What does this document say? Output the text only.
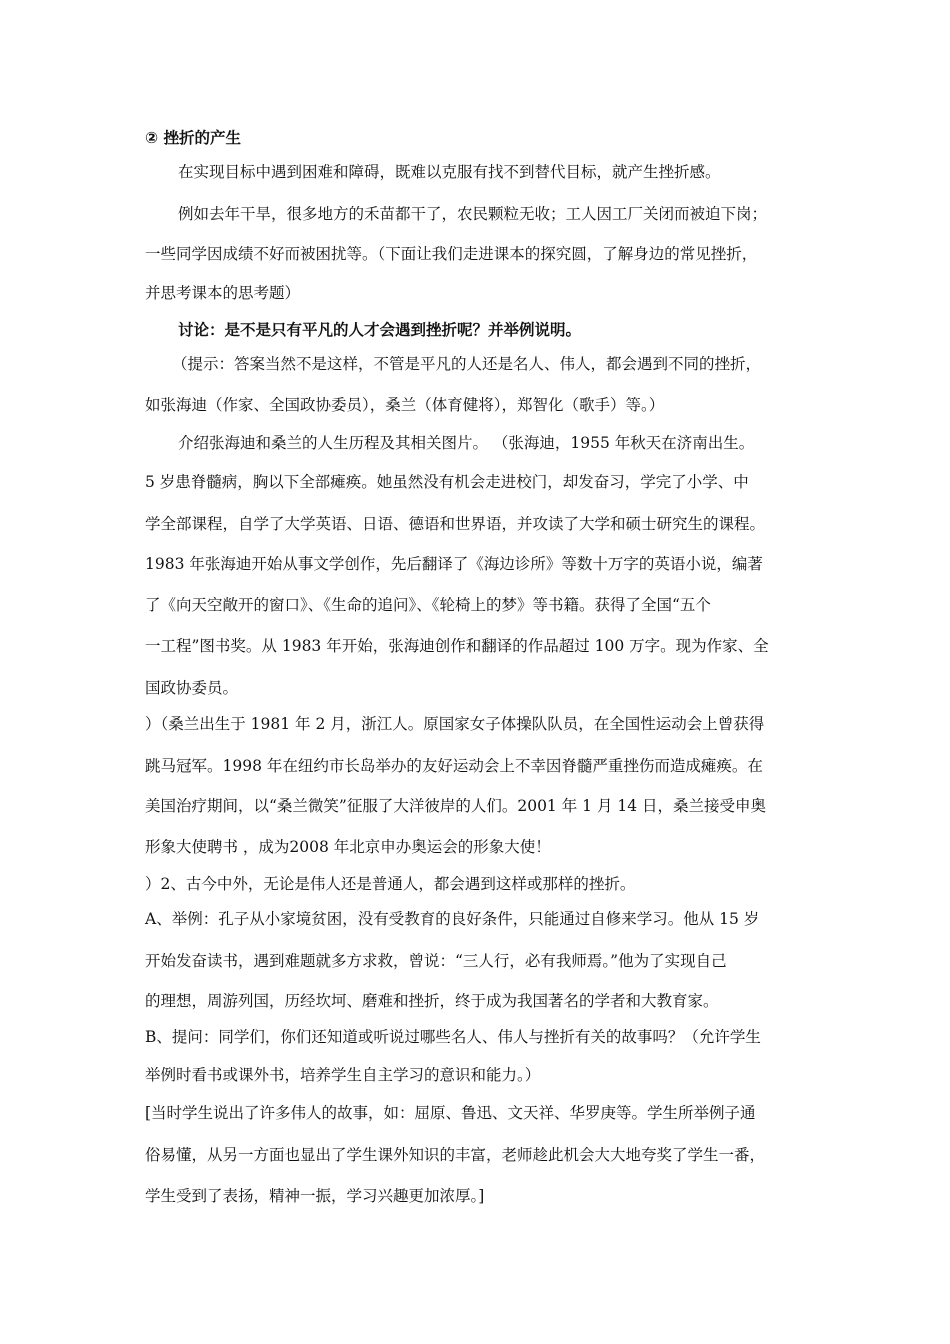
② 挫折的产生
在实现目标中遇到困难和障碍，既难以克服有找不到替代目标，就产生挫折感。
例如去年干旱，很多地方的禾苗都干了，农民颗粒无收；工人因工厂关闭而被迫下岗；
一些同学因成绩不好而被困扰等。（下面让我们走进课本的探究圆，了解身边的常见挫折，
并思考课本的思考题）
讨论：是不是只有平凡的人才会遇到挫折呢？并举例说明。
（提示：答案当然不是这样，不管是平凡的人还是名人、伟人，都会遇到不同的挫折，
如张海迪（作家、全国政协委员），桑兰（体育健将），郑智化（歌手）等。）
介绍张海迪和桑兰的人生历程及其相关图片。 （张海迪，1955 年秋天在济南出生。
5 岁患脊髓病，胸以下全部瘫痪。她虽然没有机会走进校门，却发奋习，学完了小学、中
学全部课程，自学了大学英语、日语、德语和世界语，并攻读了大学和硕士研究生的课程。
1983 年张海迪开始从事文学创作，先后翻译了《海边诊所》等数十万字的英语小说，编著
了《向天空敞开的窗口》、《生命的追问》、《轮椅上的梦》等书籍。获得了全国“五个
一工程”图书奖。从 1983 年开始，张海迪创作和翻译的作品超过 100 万字。现为作家、全
国政协委员。
）（桑兰出生于 1981 年 2 月，浙江人。原国家女子体操队队员，在全国性运动会上曾获得
跳马冠军。1998 年在纽约市长岛举办的友好运动会上不幸因脊髓严重挫伤而造成瘫痪。在
美国治疗期间，以“桑兰微笑”征服了大洋彼岸的人们。2001 年 1 月 14 日，桑兰接受申奥
形象大使聘书 ，成为2008 年北京申办奥运会的形象大使！
）2、古今中外，无论是伟人还是普通人，都会遇到这样或那样的挫折。
A、举例：孔子从小家境贫困，没有受教育的良好条件，只能通过自修来学习。他从 15 岁
开始发奋读书，遇到难题就多方求救，曾说：“三人行，必有我师焉。”他为了实现自己
的理想，周游列国，历经坎坷、磨难和挫折，终于成为我国著名的学者和大教育家。
B、提问：同学们，你们还知道或听说过哪些名人、伟人与挫折有关的故事吗？（允许学生
举例时看书或课外书，培养学生自主学习的意识和能力。）
[当时学生说出了许多伟人的故事，如：屈原、鲁迅、文天祥、华罗庚等。学生所举例子通
俗易懂，从另一方面也显出了学生课外知识的丰富，老师趁此机会大大地夸奖了学生一番，
学生受到了表扬，精神一振，学习兴趣更加浓厚。]
